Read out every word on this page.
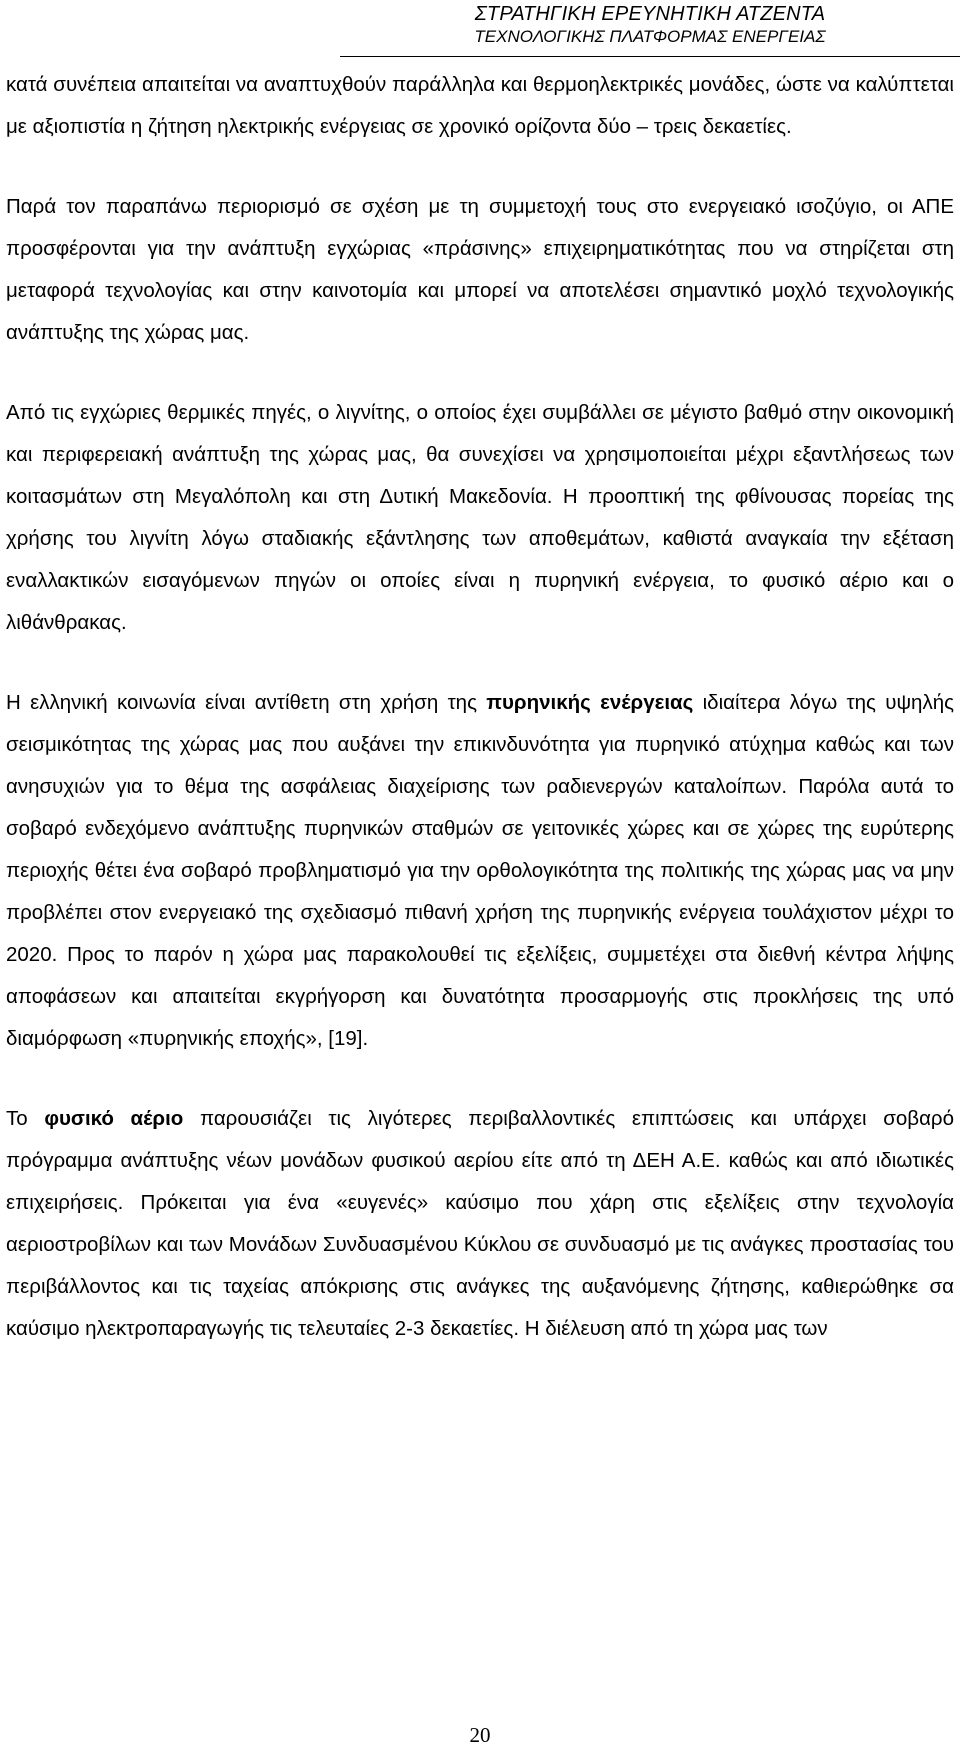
ΣΤΡΑΤΗΓΙΚΗ ΕΡΕΥΝΗΤΙΚΗ ΑΤΖΕΝΤΑ
ΤΕΧΝΟΛΟΓΙΚΗΣ ΠΛΑΤΦΟΡΜΑΣ ΕΝΕΡΓΕΙΑΣ

κατά συνέπεια απαιτείται να αναπτυχθούν παράλληλα και θερμοηλεκτρικές μονάδες, ώστε να καλύπτεται με αξιοπιστία η ζήτηση ηλεκτρικής ενέργειας σε χρονικό ορίζοντα δύο – τρεις δεκαετίες.

Παρά τον παραπάνω περιορισμό σε σχέση με τη συμμετοχή τους στο ενεργειακό ισοζύγιο, οι ΑΠΕ προσφέρονται για την ανάπτυξη εγχώριας «πράσινης» επιχειρηματικότητας που να στηρίζεται στη μεταφορά τεχνολογίας και στην καινοτομία και μπορεί να αποτελέσει σημαντικό μοχλό τεχνολογικής ανάπτυξης της χώρας μας.

Από τις εγχώριες θερμικές πηγές, ο λιγνίτης, ο οποίος έχει συμβάλλει σε μέγιστο βαθμό στην οικονομική και περιφερειακή ανάπτυξη της χώρας μας, θα συνεχίσει να χρησιμοποιείται μέχρι εξαντλήσεως των κοιτασμάτων στη Μεγαλόπολη και στη Δυτική Μακεδονία. Η προοπτική της φθίνουσας πορείας της χρήσης του λιγνίτη λόγω σταδιακής εξάντλησης των αποθεμάτων, καθιστά αναγκαία την εξέταση εναλλακτικών εισαγόμενων πηγών οι οποίες είναι η πυρηνική ενέργεια, το φυσικό αέριο και ο λιθάνθρακας.

Η ελληνική κοινωνία είναι αντίθετη στη χρήση της πυρηνικής ενέργειας ιδιαίτερα λόγω της υψηλής σεισμικότητας της χώρας μας που αυξάνει την επικινδυνότητα για πυρηνικό ατύχημα καθώς και των ανησυχιών για το θέμα της ασφάλειας διαχείρισης των ραδιενεργών καταλοίπων. Παρόλα αυτά το σοβαρό ενδεχόμενο ανάπτυξης πυρηνικών σταθμών σε γειτονικές χώρες και σε χώρες της ευρύτερης περιοχής θέτει ένα σοβαρό προβληματισμό για την ορθολογικότητα της πολιτικής της χώρας μας να μην προβλέπει στον ενεργειακό της σχεδιασμό πιθανή χρήση της πυρηνικής ενέργεια τουλάχιστον μέχρι το 2020. Προς το παρόν η χώρα μας παρακολουθεί τις εξελίξεις, συμμετέχει στα διεθνή κέντρα λήψης αποφάσεων και απαιτείται εκγρήγορση και δυνατότητα προσαρμογής στις προκλήσεις της υπό διαμόρφωση «πυρηνικής εποχής», [19].

Το φυσικό αέριο παρουσιάζει τις λιγότερες περιβαλλοντικές επιπτώσεις και υπάρχει σοβαρό πρόγραμμα ανάπτυξης νέων μονάδων φυσικού αερίου είτε από τη ΔΕΗ Α.Ε. καθώς και από ιδιωτικές επιχειρήσεις. Πρόκειται για ένα «ευγενές» καύσιμο που χάρη στις εξελίξεις στην τεχνολογία αεριοστροβίλων και των Μονάδων Συνδυασμένου Κύκλου σε συνδυασμό με τις ανάγκες προστασίας του περιβάλλοντος και τις ταχείας απόκρισης στις ανάγκες της αυξανόμενης ζήτησης, καθιερώθηκε σα καύσιμο ηλεκτροπαραγωγής τις τελευταίες 2-3 δεκαετίες. Η διέλευση από τη χώρα μας των

20
